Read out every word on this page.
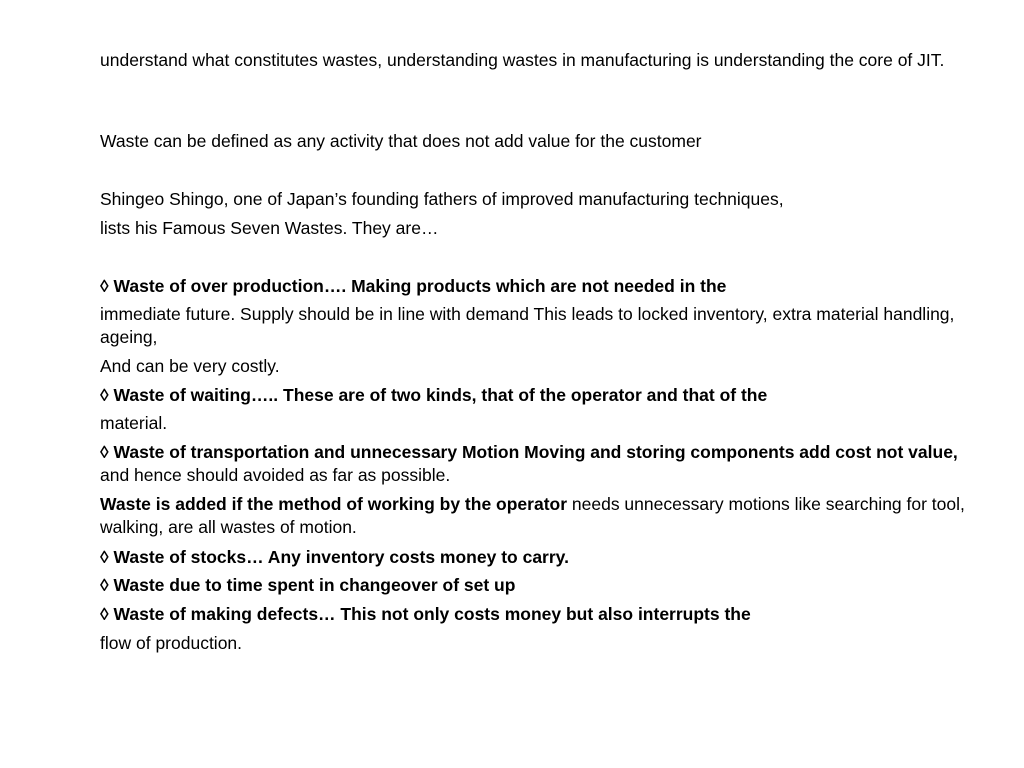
understand what constitutes wastes, understanding wastes in manufacturing is understanding the core of JIT.

Waste can be defined as any activity that does not add value for the customer

Shingeo Shingo, one of Japan’s founding fathers of improved manufacturing techniques,

lists his Famous Seven Wastes. They are…

◊ Waste of over production…. Making products which are not needed in the

immediate future. Supply should be in line with demand This leads to locked inventory, extra material handling, ageing,

And can be very costly.

◊ Waste of waiting….. These are of two kinds, that of the operator and that of the

material.

◊ Waste of transportation and unnecessary Motion Moving and storing components add cost not value, and hence should avoided as far as possible.

Waste is added if the method of working by the operator needs unnecessary motions like searching for tool, walking, are all wastes of motion.

◊ Waste of stocks… Any inventory costs money to carry.

◊ Waste due to time spent in changeover of set up

◊ Waste of making defects… This not only costs money but also interrupts the

flow of production.
